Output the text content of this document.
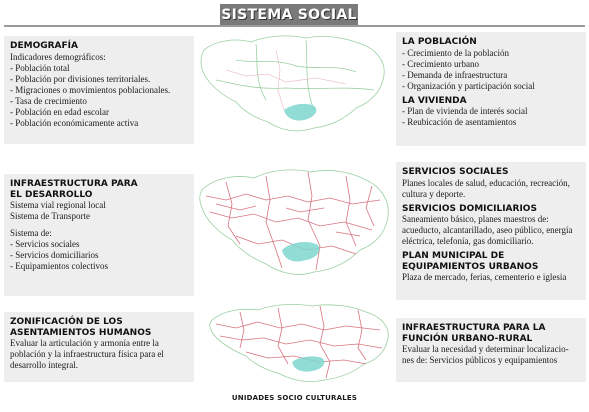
SISTEMA SOCIAL

DEMOGRAFÍA

Indicadores demográficos:

- Población total
- Población por divisiones territoriales.
- Migraciones o movimientos poblacionales.
- Tasa de crecimiento
- Población en edad escolar
- Población económicamente activa

INFRAESTRUCTURA PARA

EL DESARROLLO

Sistema vial regional local

Sistema de Transporte

Sistema de:

- Servicios sociales
- Servicios domiciliarios
- Equipamientos colectivos

ZONIFICACIÓN DE LOS

ASENTAMIENTOS HUMANOS

Evaluar la articulación y armonía entre la

población y la infraestructura física para el

desarrollo integral.

LA POBLACIÓN

- Crecimiento de la población
- Crecimiento urbano
- Demanda de infraestructura
- Organización y participación social

LA VIVIENDA

- Plan de vivienda de interés social
- Reubicación de asentamientos

SERVICIOS SOCIALES

Planes locales de salud, educación, recreación,

cultura y deporte.

SERVICIOS DOMICILIARIOS

Saneamiento básico, planes maestros de:

acueducto, alcantarillado, aseo público, energía

eléctrica, telefonía, gas domiciliario.

PLAN MUNICIPAL DE

EQUIPAMIENTOS URBANOS

Plaza de mercado, ferias, cementerio e iglesia

INFRAESTRUCTURA PARA LA

FUNCIÓN URBANO-RURAL

Evaluar la necesidad y determinar localizacio-

nes de: Servicios públicos y equipamientos

UNIDADES SOCIO CULTURALES
